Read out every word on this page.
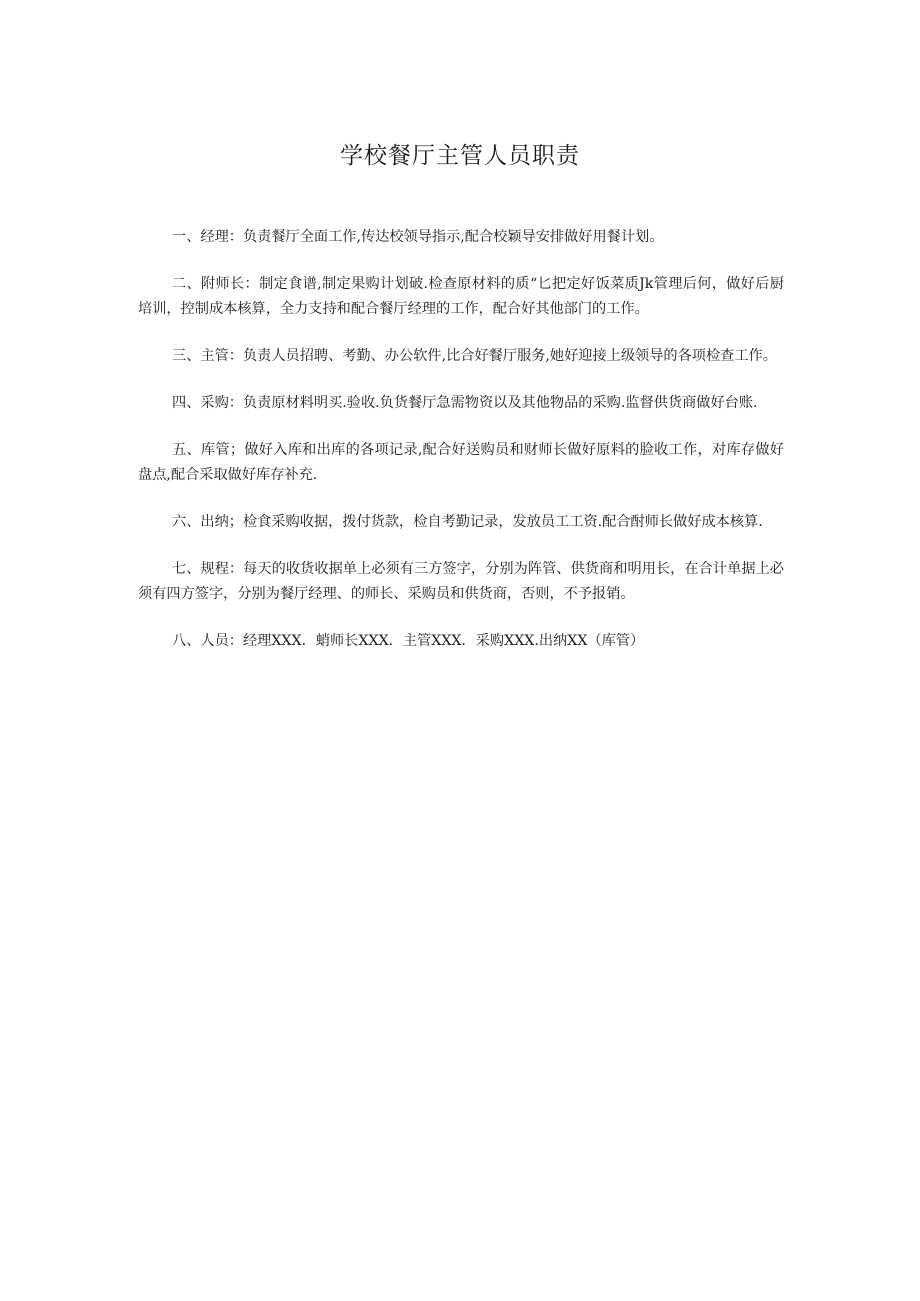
学校餐厅主管人员职责

一、经理：负责餐厅全面工作,传达校领导指示,配合校颖导安排做好用餐计划。

二、附师长：制定食谱,制定果购计划破.检查原材料的质“匕把定好饭菜质Jk管理后何，做好后厨培训，控制成本核算，全力支持和配合餐厅经理的工作，配合好其他部门的工作。

三、主管：负责人员招聘、考勤、办公软件,比合好餐厅服务,她好迎接上级领导的各项检查工作。

四、采购：负责原材料明买.验收.负货餐厅急需物资以及其他物品的采购.监督供货商做好台账.

五、库管；做好入库和出库的各项记录,配合好送购员和财师长做好原料的脸收工作，对库存做好盘点,配合采取做好库存补充.

六、出纳；检食采购收据，拨付货款，检自考勤记录，发放员工工资.配合酎师长做好成本核算.

七、规程：每天的收货收据单上必须有三方签字，分别为阵管、供货商和明用长，在合计单据上必须有四方签字，分别为餐厅经理、的师长、采购员和供货商，否则，不予报销。

八、人员：经理XXX．蛸师长XXX．主管XXX．采购XXX.出纳XX（库管）
